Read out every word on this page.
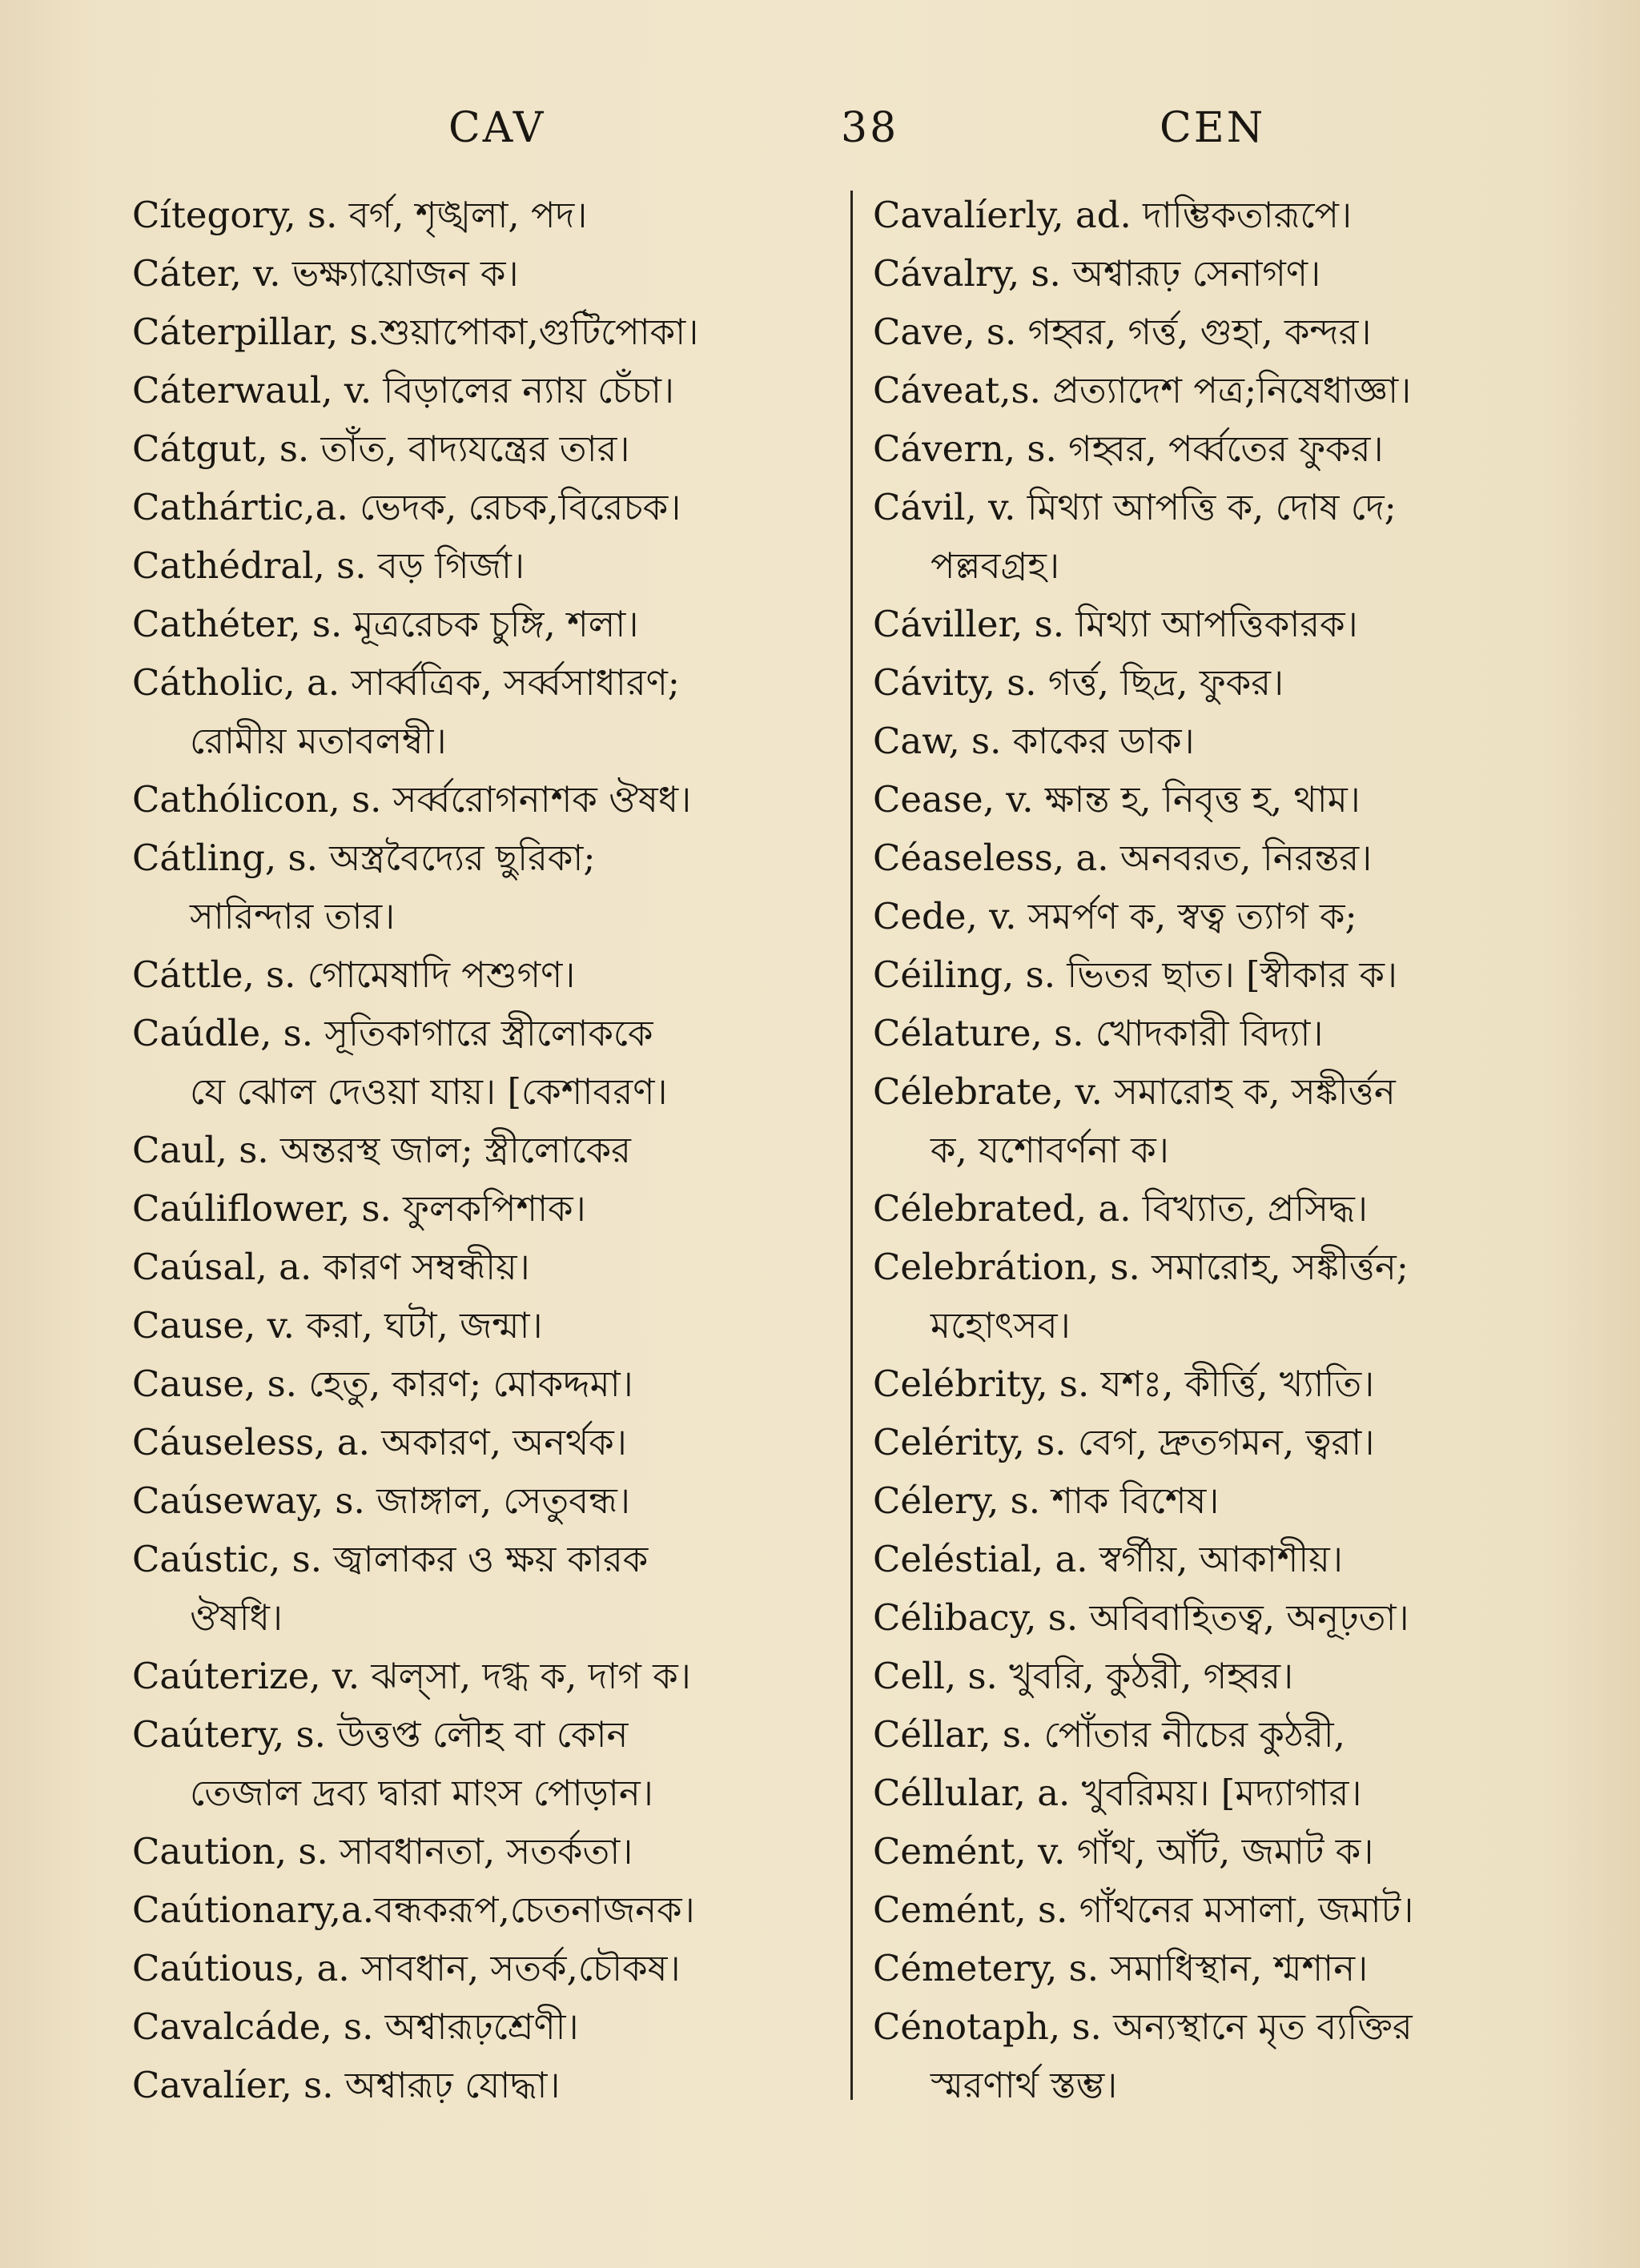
CAV	38	CEN
Cítegory, s. বর্গ, শৃঙ্খলা, পদ।
Cáter, v. ভক্ষ্যায়োজন ক।
Cáterpillar, s.শুয়াপোকা,গুটিপোকা।
Cáterwaul, v. বিড়ালের ন্যায় চেঁচা।
Cátgut, s. তাঁত, বাদ্যযন্ত্রের তার।
Cathártic,a. ভেদক, রেচক,বিরেচক।
Cathédral, s. বড় গির্জা।
Cathéter, s. মূত্ররেচক চুঙ্গি, শলা।
Cátholic, a. সার্ব্বত্রিক, সর্ব্বসাধারণ;
রোমীয় মতাবলম্বী।
Cathólicon, s. সর্ব্বরোগনাশক ঔষধ।
Cátling, s. অস্ত্রবৈদ্যের ছুরিকা;
সারিন্দার তার।
Cáttle, s. গোমেষাদি পশুগণ।
Caúdle, s. সূতিকাগারে স্ত্রীলোককে
যে ঝোল দেওয়া যায়। [কেশাবরণ।
Caul, s. অন্তরস্থ জাল; স্ত্রীলোকের
Caúliflower, s. ফুলকপিশাক।
Caúsal, a. কারণ সম্বন্ধীয়।
Cause, v. করা, ঘটা, জন্মা।
Cause, s. হেতু, কারণ; মোকদ্দমা।
Cáuseless, a. অকারণ, অনর্থক।
Caúseway, s. জাঙ্গাল, সেতুবন্ধ।
Caústic, s. জ্বালাকর ও ক্ষয় কারক
ঔষধি।
Caúterize, v. ঝল্সা, দগ্ধ ক, দাগ ক।
Caútery, s. উত্তপ্ত লৌহ বা কোন
তেজাল দ্রব্য দ্বারা মাংস পোড়ান।
Caution, s. সাবধানতা, সতর্কতা।
Caútionary,a.বন্ধকরূপ,চেতনাজনক।
Caútious, a. সাবধান, সতর্ক,চৌকষ।
Cavalcáde, s. অশ্বারূঢ়শ্রেণী।
Cavalíer, s. অশ্বারূঢ় যোদ্ধা।
Cavalíerly, ad. দাম্ভিকতারূপে।
Cávalry, s. অশ্বারূঢ় সেনাগণ।
Cave, s. গহ্বর, গর্ত্ত, গুহা, কন্দর।
Cáveat,s. প্রত্যাদেশ পত্র;নিষেধাজ্ঞা।
Cávern, s. গহ্বর, পর্ব্বতের ফুকর।
Cávil, v. মিথ্যা আপত্তি ক, দোষ দে;
পল্লবগ্রহ।
Cáviller, s. মিথ্যা আপত্তিকারক।
Cávity, s. গর্ত্ত, ছিদ্র, ফুকর।
Caw, s. কাকের ডাক।
Cease, v. ক্ষান্ত হ, নিবৃত্ত হ, থাম।
Céaseless, a. অনবরত, নিরন্তর।
Cede, v. সমর্পণ ক, স্বত্ব ত্যাগ ক;
Céiling, s. ভিতর ছাত। [স্বীকার ক।
Célature, s. খোদকারী বিদ্যা।
Célebrate, v. সমারোহ ক, সঙ্কীর্ত্তন
ক, যশোবর্ণনা ক।
Célebrated, a. বিখ্যাত, প্রসিদ্ধ।
Celebrátion, s. সমারোহ, সঙ্কীর্ত্তন;
মহোৎসব।
Celébrity, s. যশঃ, কীর্ত্তি, খ্যাতি।
Celérity, s. বেগ, দ্রুতগমন, ত্বরা।
Célery, s. শাক বিশেষ।
Celéstial, a. স্বর্গীয়, আকাশীয়।
Célibacy, s. অবিবাহিতত্ব, অনূঢ়তা।
Cell, s. খুবরি, কুঠরী, গহ্বর।
Céllar, s. পোঁতার নীচের কুঠরী,
Céllular, a. খুবরিময়। [মদ্যাগার।
Cemént, v. গাঁথ, আঁট, জমাট ক।
Cemént, s. গাঁথনের মসালা, জমাট।
Cémetery, s. সমাধিস্থান, শ্মশান।
Cénotaph, s. অন্যস্থানে মৃত ব্যক্তির
স্মরণার্থ স্তম্ভ।
